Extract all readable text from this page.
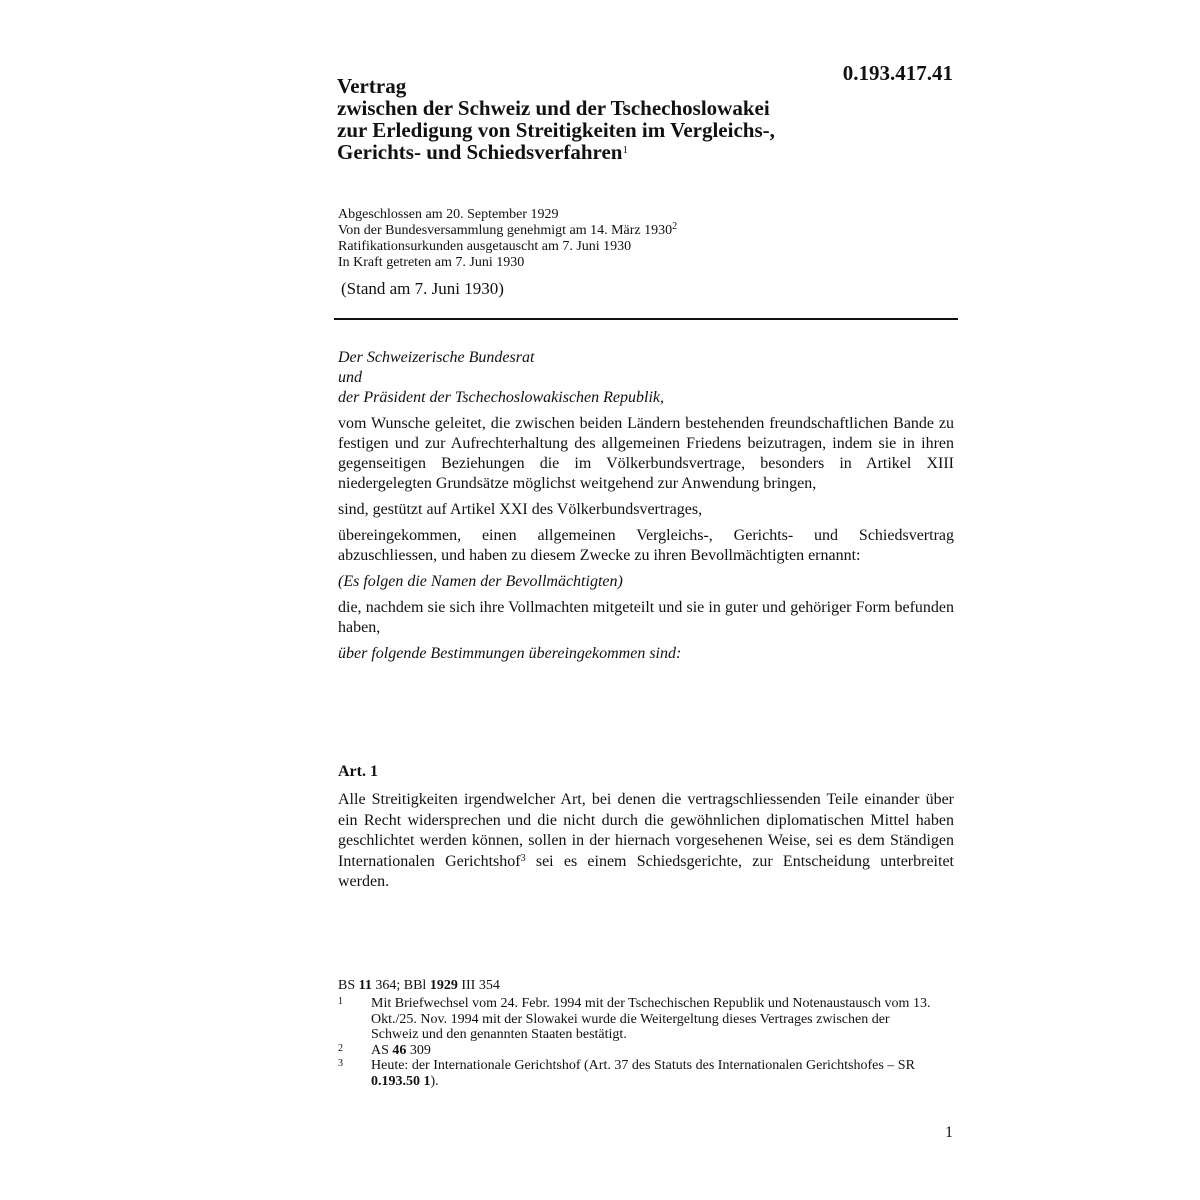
0.193.417.41
Vertrag
zwischen der Schweiz und der Tschechoslowakei
zur Erledigung von Streitigkeiten im Vergleichs-,
Gerichts- und Schiedsverfahren$^1$
Abgeschlossen am 20. September 1929
Von der Bundesversammlung genehmigt am 14. März 1930$^2$
Ratifikationsurkunden ausgetauscht am 7. Juni 1930
In Kraft getreten am 7. Juni 1930
(Stand am 7. Juni 1930)

Der Schweizerische Bundesrat

und

der Präsident der Tschechoslowakischen Republik,

vom Wunsche geleitet, die zwischen beiden Ländern bestehenden freundschaftlichen Bande zu festigen und zur Aufrechterhaltung des allgemeinen Friedens beizutragen, indem sie in ihren gegenseitigen Beziehungen die im Völkerbundsvertrage, besonders in Artikel XIII niedergelegten Grundsätze möglichst weitgehend zur Anwendung bringen,

sind, gestützt auf Artikel XXI des Völkerbundsvertrages,

übereingekommen, einen allgemeinen Vergleichs-, Gerichts- und Schiedsvertrag abzuschliessen, und haben zu diesem Zwecke zu ihren Bevollmächtigten ernannt:

(Es folgen die Namen der Bevollmächtigten)

die, nachdem sie sich ihre Vollmachten mitgeteilt und sie in guter und gehöriger Form befunden haben,

über folgende Bestimmungen übereingekommen sind:

Art. 1
Alle Streitigkeiten irgendwelcher Art, bei denen die vertragschliessenden Teile einander über ein Recht widersprechen und die nicht durch die gewöhnlichen diplomatischen Mittel haben geschlichtet werden können, sollen in der hiernach vorgesehenen Weise, sei es dem Ständigen Internationalen Gerichtshof$^3$ sei es einem Schiedsgerichte, zur Entscheidung unterbreitet werden.
BS 11 364; BBl 1929 III 354
1 Mit Briefwechsel vom 24. Febr. 1994 mit der Tschechischen Republik und Notenaustausch vom 13. Okt./25. Nov. 1994 mit der Slowakei wurde die Weitergeltung dieses Vertrages zwischen der Schweiz und den genannten Staaten bestätigt.
2 AS 46 309
3 Heute: der Internationale Gerichtshof (Art. 37 des Statuts des Internationalen Gerichtshofes – SR 0.193.50 1).
1
